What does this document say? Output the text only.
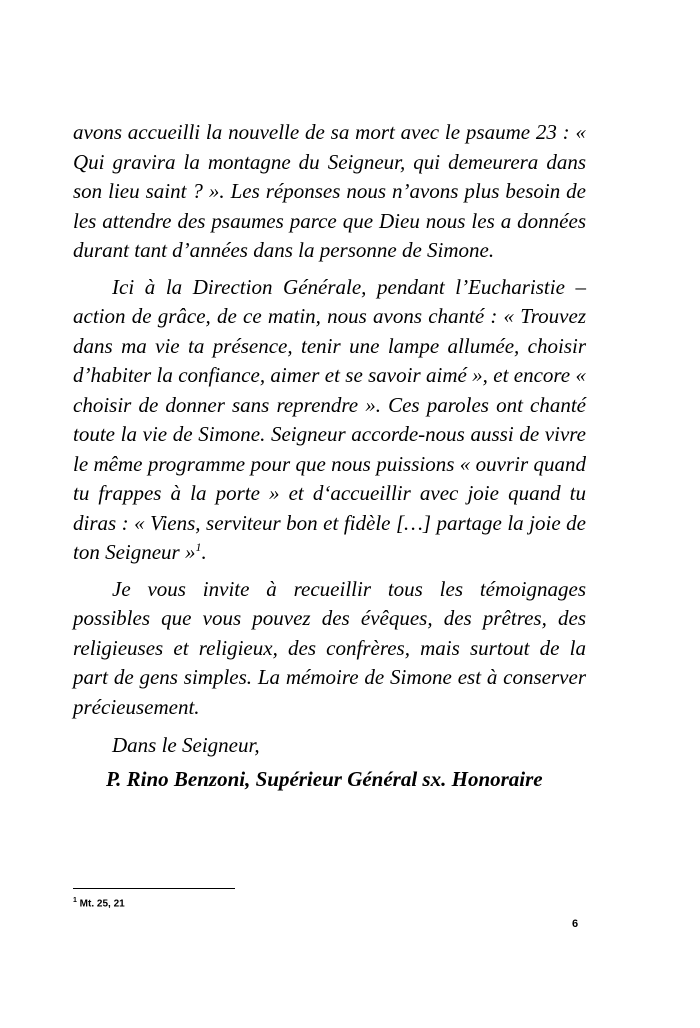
avons accueilli la nouvelle de sa mort avec le psaume 23 : « Qui gravira la montagne du Seigneur, qui demeurera dans son lieu saint ? ». Les réponses nous n’avons plus besoin de les attendre des psaumes parce que Dieu nous les a données durant tant d’années dans la personne de Simone.

Ici à la Direction Générale, pendant l’Eucharistie – action de grâce, de ce matin, nous avons chanté : « Trouvez dans ma vie ta présence, tenir une lampe allumée, choisir d’habiter la confiance, aimer et se savoir aimé », et encore « choisir de donner sans reprendre ». Ces paroles ont chanté toute la vie de Simone. Seigneur accorde-nous aussi de vivre le même programme pour que nous puissions « ouvrir quand tu frappes à la porte » et d‘accueillir avec joie quand tu diras : « Viens, serviteur bon et fidèle […] partage la joie de ton Seigneur »$^1$.

Je vous invite à recueillir tous les témoignages possibles que vous pouvez des évêques, des prêtres, des religieuses et religieux, des confrères, mais surtout de la part de gens simples. La mémoire de Simone est à conserver précieusement.

Dans le Seigneur,

P. Rino Benzoni, Supérieur Général sx. Honoraire

$^1$ Mt. 25, 21
6
